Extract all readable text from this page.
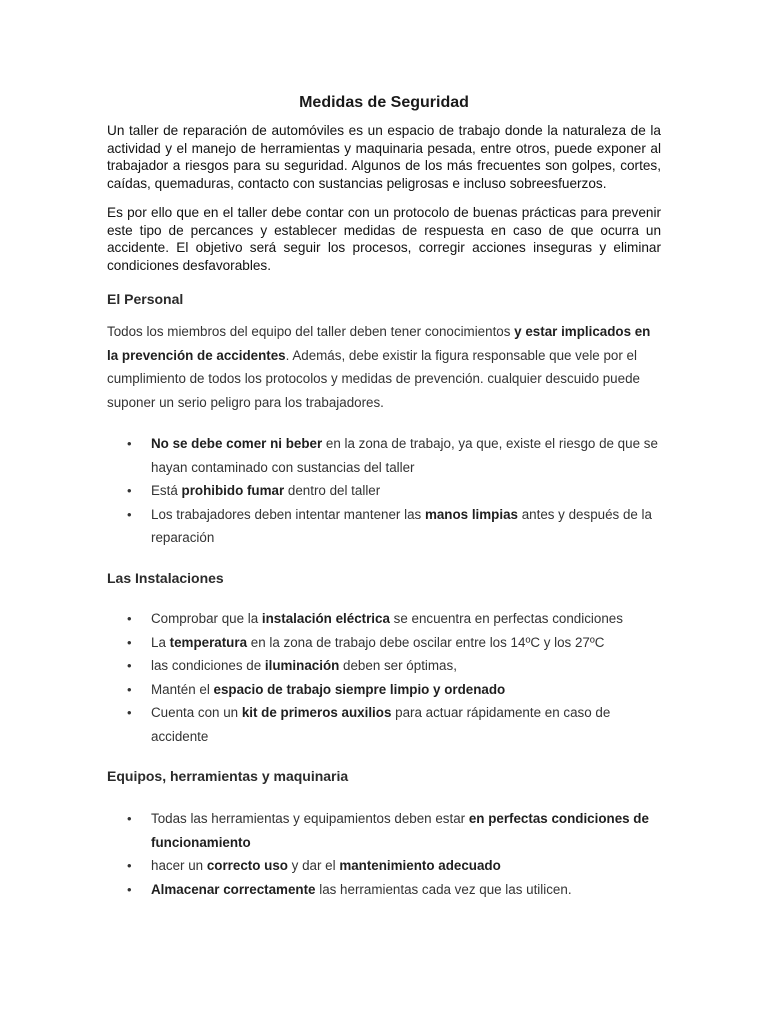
Medidas de Seguridad

Un taller de reparación de automóviles es un espacio de trabajo donde la naturaleza de la actividad y el manejo de herramientas y maquinaria pesada, entre otros, puede exponer al trabajador a riesgos para su seguridad. Algunos de los más frecuentes son golpes, cortes, caídas, quemaduras, contacto con sustancias peligrosas e incluso sobreesfuerzos.

Es por ello que en el taller debe contar con un protocolo de buenas prácticas para prevenir este tipo de percances y establecer medidas de respuesta en caso de que ocurra un accidente. El objetivo será seguir los procesos, corregir acciones inseguras y eliminar condiciones desfavorables.

El Personal

Todos los miembros del equipo del taller deben tener conocimientos y estar implicados en la prevención de accidentes. Además, debe existir la figura responsable que vele por el cumplimiento de todos los protocolos y medidas de prevención. cualquier descuido puede suponer un serio peligro para los trabajadores.

• No se debe comer ni beber en la zona de trabajo, ya que, existe el riesgo de que se hayan contaminado con sustancias del taller
• Está prohibido fumar dentro del taller
• Los trabajadores deben intentar mantener las manos limpias antes y después de la reparación
Las Instalaciones
• Comprobar que la instalación eléctrica se encuentra en perfectas condiciones
• La temperatura en la zona de trabajo debe oscilar entre los 14ºC y los 27ºC
• las condiciones de iluminación deben ser óptimas,
• Mantén el espacio de trabajo siempre limpio y ordenado
• Cuenta con un kit de primeros auxilios para actuar rápidamente en caso de accidente
Equipos, herramientas y maquinaria
• Todas las herramientas y equipamientos deben estar en perfectas condiciones de funcionamiento
• hacer un correcto uso y dar el mantenimiento adecuado
• Almacenar correctamente las herramientas cada vez que las utilicen.
